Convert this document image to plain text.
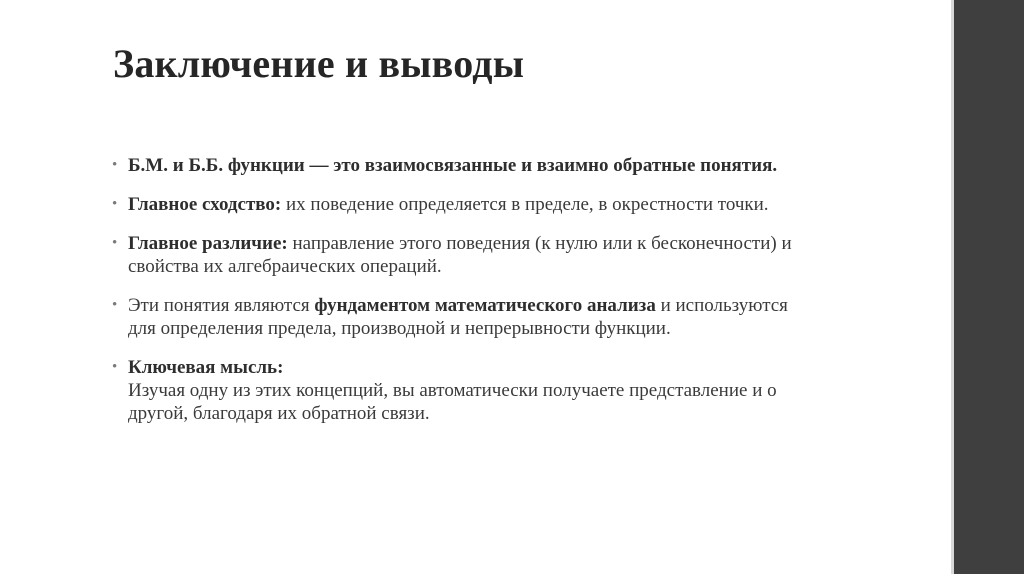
Заключение и выводы
• Б.М. и Б.Б. функции — это взаимосвязанные и взаимно обратные понятия.
• Главное сходство: их поведение определяется в пределе, в окрестности точки.
• Главное различие: направление этого поведения (к нулю или к бесконечности) и свойства их алгебраических операций.
• Эти понятия являются фундаментом математического анализа и используются для определения предела, производной и непрерывности функции.
• Ключевая мысль:
Изучая одну из этих концепций, вы автоматически получаете представление и о другой, благодаря их обратной связи.
